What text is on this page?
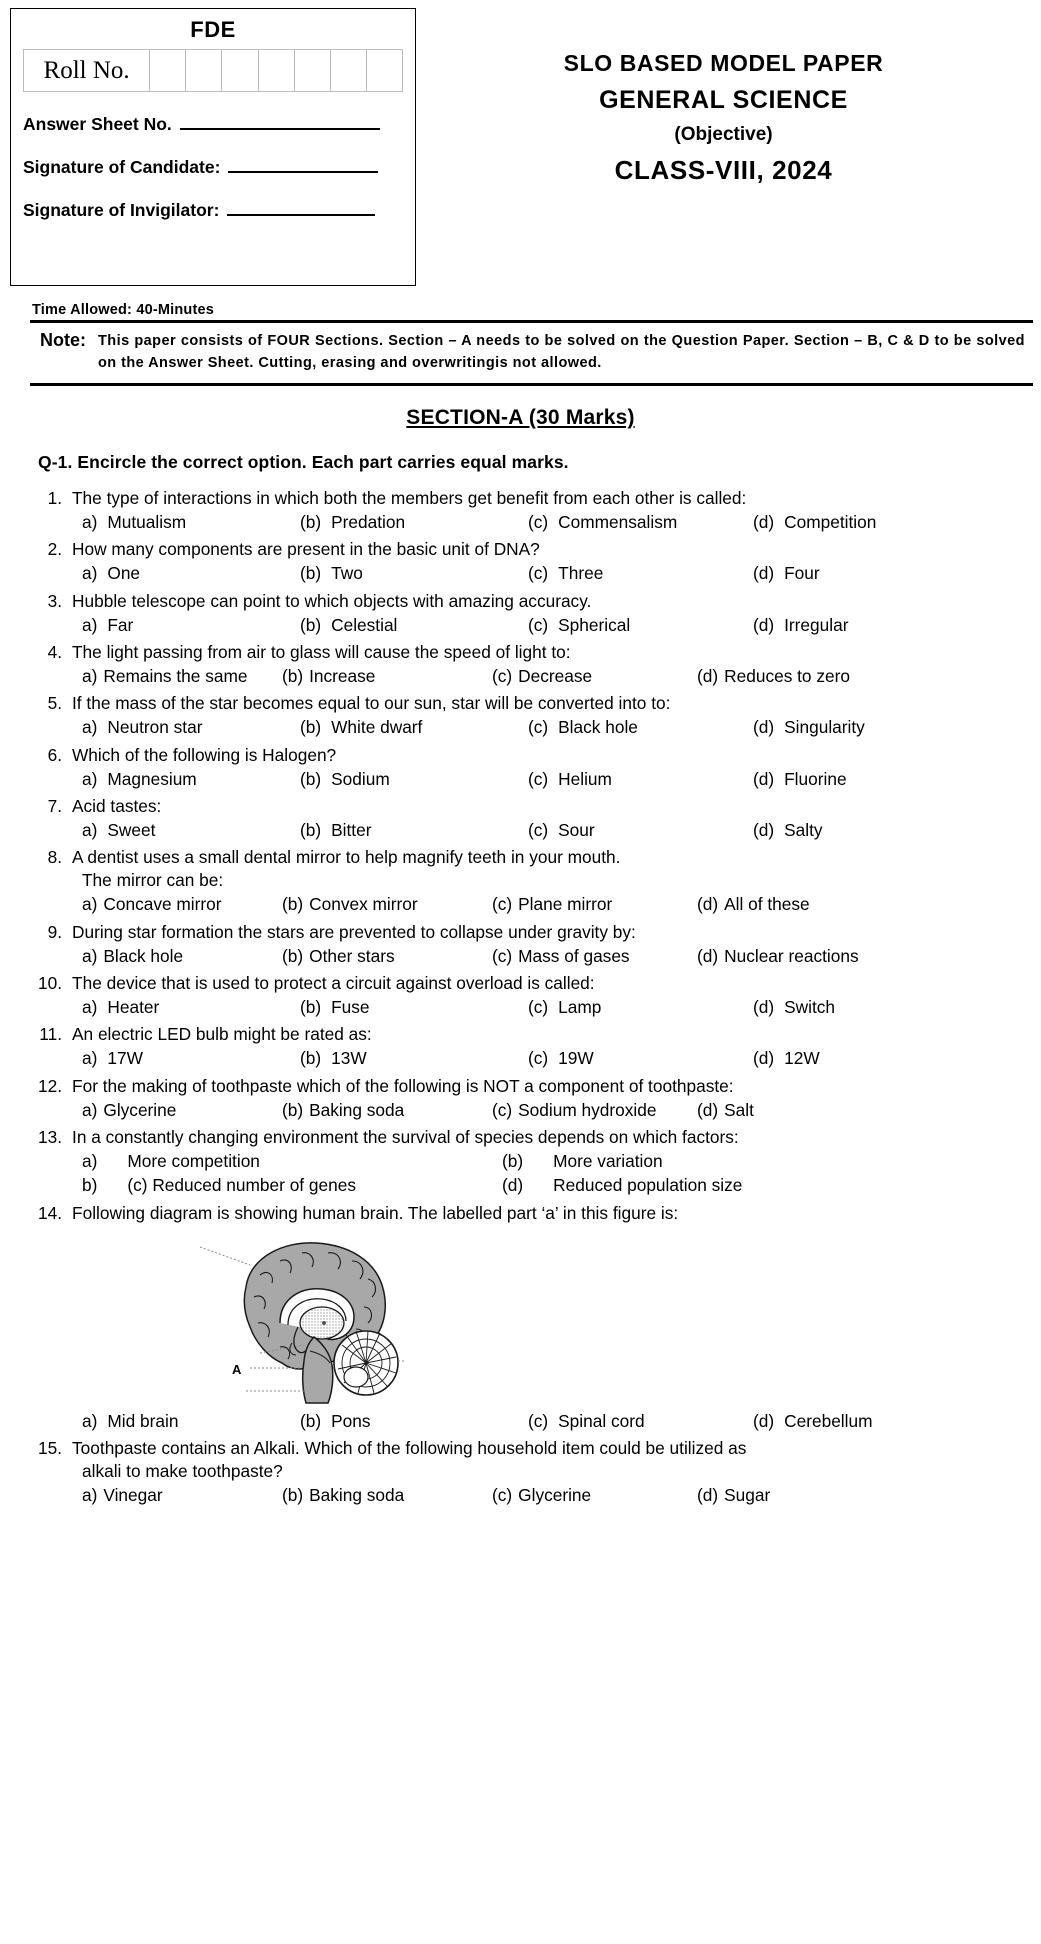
FDE
Roll No.							
Answer Sheet No.
Signature of Candidate:
Signature of Invigilator:
SLO BASED MODEL PAPER
GENERAL SCIENCE
(Objective)
CLASS-VIII, 2024
Time Allowed: 40-Minutes
Note: This paper consists of FOUR Sections. Section – A needs to be solved on the Question Paper. Section – B, C & D to be solved on the Answer Sheet. Cutting, erasing and overwritingis not allowed.
SECTION-A (30 Marks)
Q-1. Encircle the correct option. Each part carries equal marks.
1. The type of interactions in which both the members get benefit from each other is called:
a) Mutualism	(b) Predation	(c) Commensalism	(d) Competition
2. How many components are present in the basic unit of DNA?
a) One	(b) Two	(c) Three	(d) Four
3. Hubble telescope can point to which objects with amazing accuracy.
a) Far	(b) Celestial	(c) Spherical	(d) Irregular
4. The light passing from air to glass will cause the speed of light to:
a) Remains the same (b) Increase	(c) Decrease	(d) Reduces to zero
5. If the mass of the star becomes equal to our sun, star will be converted into to:
a) Neutron star	(b) White dwarf	(c) Black hole	(d) Singularity
6. Which of the following is Halogen?
a) Magnesium	(b) Sodium	(c) Helium	(d) Fluorine
7. Acid tastes:
a) Sweet	(b) Bitter	(c) Sour	(d) Salty
8. A dentist uses a small dental mirror to help magnify teeth in your mouth.
The mirror can be:
a) Concave mirror	(b) Convex mirror	(c) Plane mirror	(d) All of these
9. During star formation the stars are prevented to collapse under gravity by:
a) Black hole	(b) Other stars	(c) Mass of gases	(d) Nuclear reactions
10. The device that is used to protect a circuit against overload is called:
a) Heater	(b) Fuse	(c) Lamp	(d) Switch
11. An electric LED bulb might be rated as:
a) 17W	(b) 13W	(c) 19W	(d) 12W
12. For the making of toothpaste which of the following is NOT a component of toothpaste:
a) Glycerine	(b) Baking soda	(c) Sodium hydroxide (d) Salt
13. In a constantly changing environment the survival of species depends on which factors:
a)	More competition	(b)	More variation
b)	(c) Reduced number of genes	(d)	Reduced population size
14. Following diagram is showing human brain. The labelled part ‘a’ in this figure is:
A
a) Mid brain	(b) Pons	(c) Spinal cord	(d) Cerebellum
15. Toothpaste contains an Alkali. Which of the following household item could be utilized as
alkali to make toothpaste?
a) Vinegar	(b) Baking soda	(c) Glycerine	(d) Sugar
